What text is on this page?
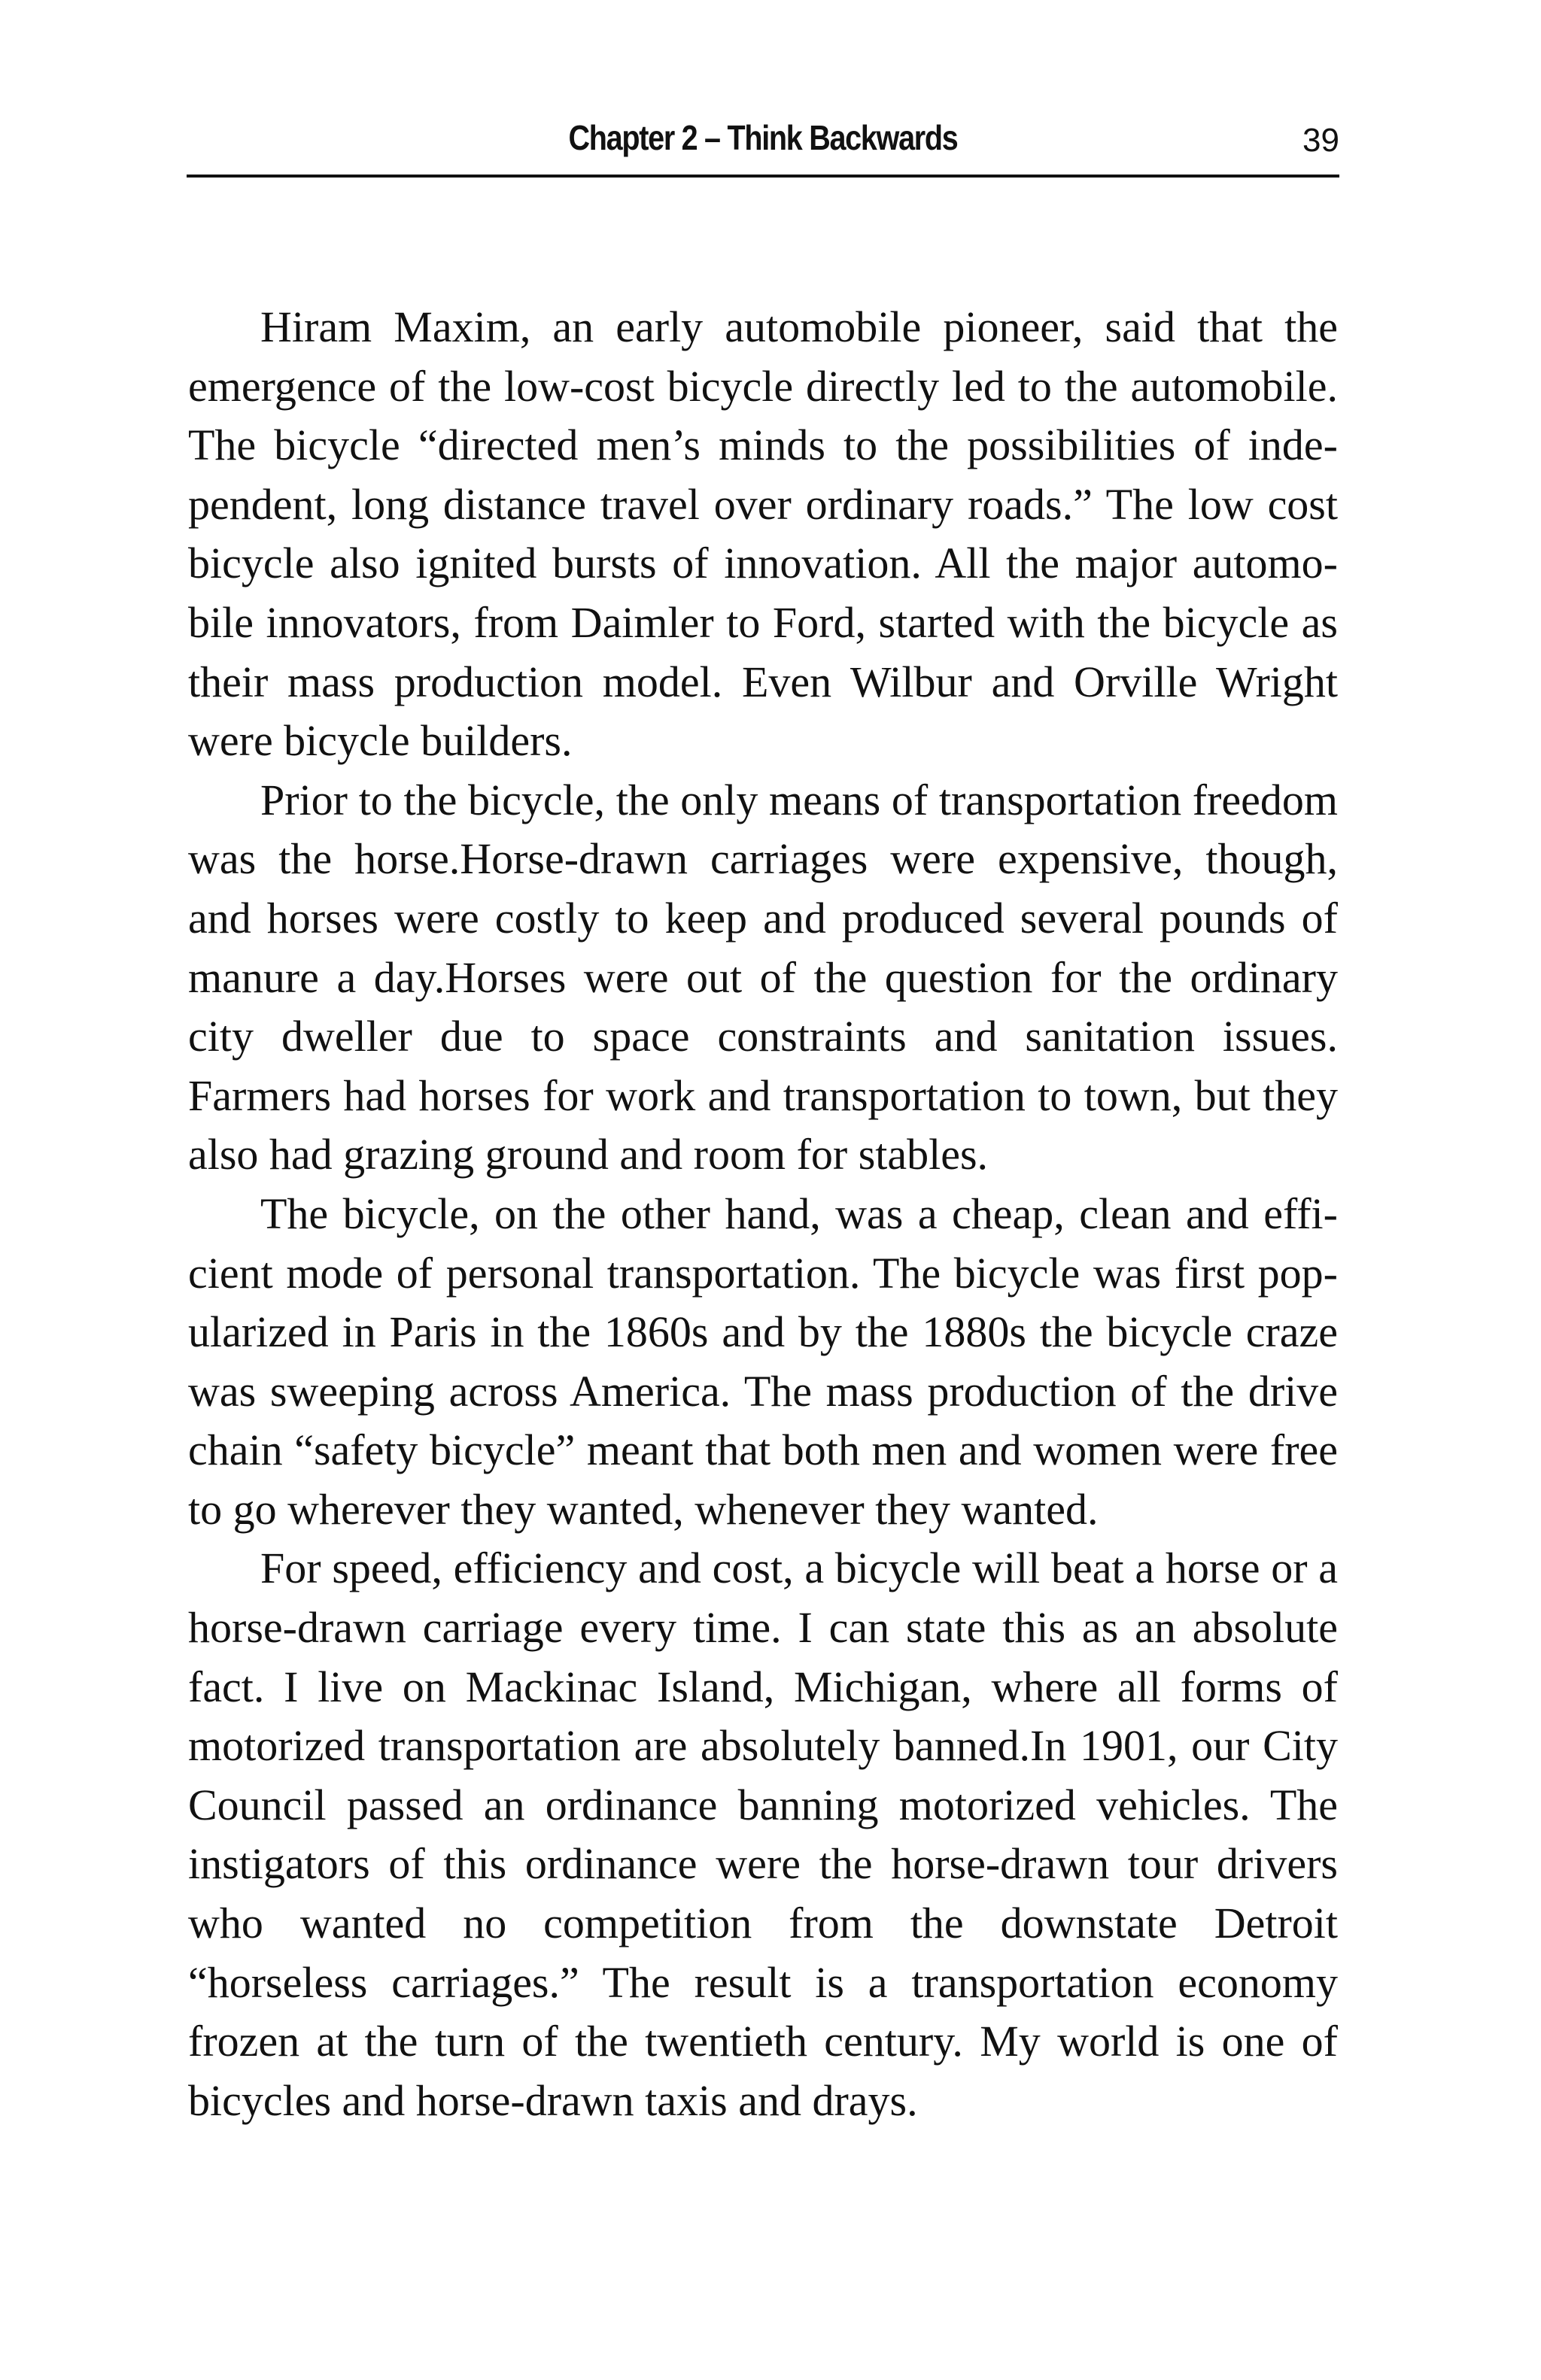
Chapter 2 – Think Backwards	39

Hiram Maxim, an early automobile pioneer, said that the emergence of the low-cost bicycle directly led to the automobile. The bicycle “directed men’s minds to the possibilities of independent, long distance travel over ordinary roads.” The low cost bicycle also ignited bursts of innovation. All the major automobile innovators, from Daimler to Ford, started with the bicycle as their mass production model. Even Wilbur and Orville Wright were bicycle builders.

Prior to the bicycle, the only means of transportation freedom was the horse.Horse-drawn carriages were expensive, though, and horses were costly to keep and produced several pounds of manure a day.Horses were out of the question for the ordinary city dweller due to space constraints and sanitation issues. Farmers had horses for work and transportation to town, but they also had grazing ground and room for stables.

The bicycle, on the other hand, was a cheap, clean and efficient mode of personal transportation. The bicycle was first popularized in Paris in the 1860s and by the 1880s the bicycle craze was sweeping across America. The mass production of the drive chain “safety bicycle” meant that both men and women were free to go wherever they wanted, whenever they wanted.

For speed, efficiency and cost, a bicycle will beat a horse or a horse-drawn carriage every time. I can state this as an absolute fact. I live on Mackinac Island, Michigan, where all forms of motorized transportation are absolutely banned.In 1901, our City Council passed an ordinance banning motorized vehicles. The instigators of this ordinance were the horse-drawn tour drivers who wanted no competition from the downstate Detroit “horseless carriages.” The result is a transportation economy frozen at the turn of the twentieth century. My world is one of bicycles and horse-drawn taxis and drays.
